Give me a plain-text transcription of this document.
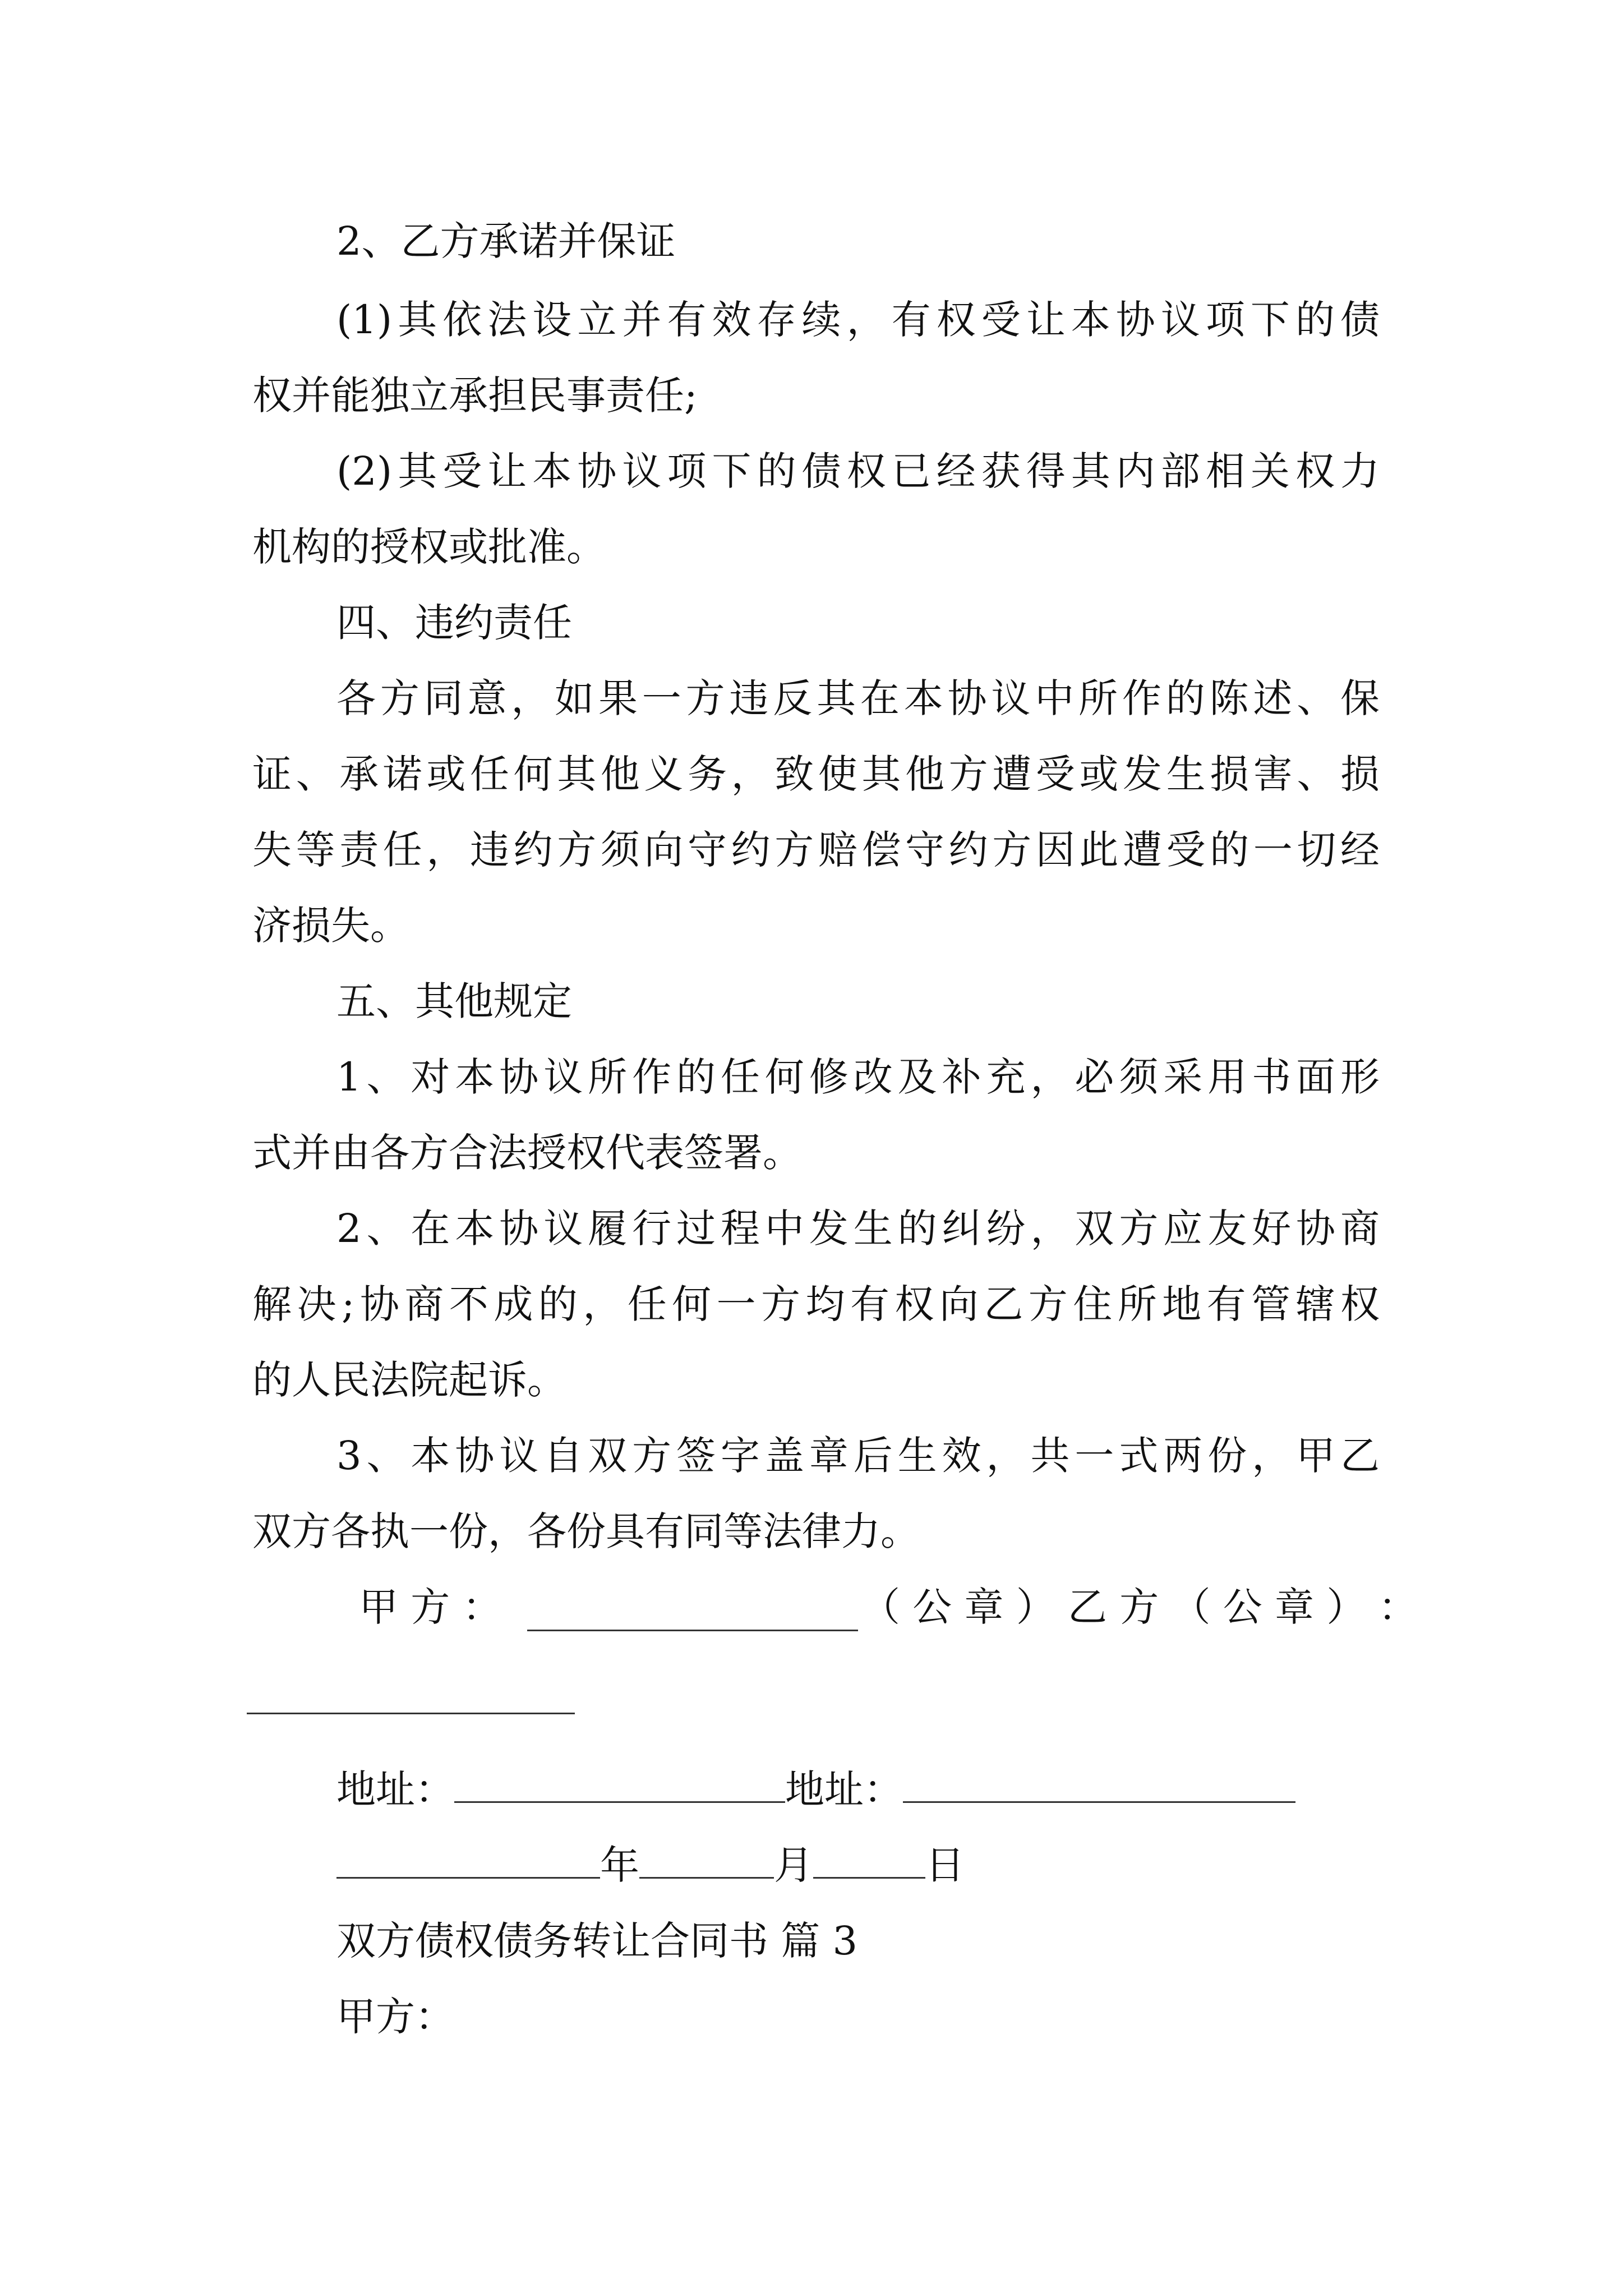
2、乙方承诺并保证
(1)其依法设立并有效存续，有权受让本协议项下的债
权并能独立承担民事责任;
(2)其受让本协议项下的债权已经获得其内部相关权力
机构的授权或批准。
四、违约责任
各方同意，如果一方违反其在本协议中所作的陈述、保
证、承诺或任何其他义务，致使其他方遭受或发生损害、损
失等责任，违约方须向守约方赔偿守约方因此遭受的一切经
济损失。
五、其他规定
1、对本协议所作的任何修改及补充，必须采用书面形
式并由各方合法授权代表签署。
2、在本协议履行过程中发生的纠纷，双方应友好协商
解决;协商不成的，任何一方均有权向乙方住所地有管辖权
的人民法院起诉。
3、本协议自双方签字盖章后生效，共一式两份，甲乙
双方各执一份，各份具有同等法律力。
甲 方 ：	（ 公 章 ） 乙 方 （ 公 章 ） ：
地址：	地址：
年	月	日
双方债权债务转让合同书 篇 3
甲方：
